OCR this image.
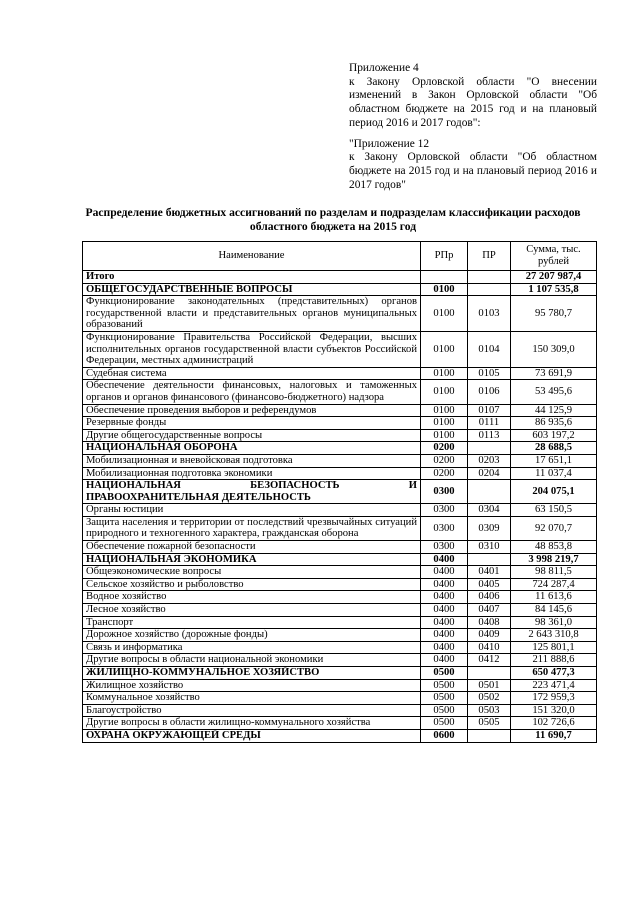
Приложение 4
к Закону Орловской области "О внесении изменений в Закон Орловской области "Об областном бюджете на 2015 год и на плановый период 2016 и 2017 годов":

"Приложение 12
к Закону Орловской области "Об областном бюджете на 2015 год и на плановый период 2016 и 2017 годов"

Распределение бюджетных ассигнований по разделам и подразделам классификации расходов областного бюджета на 2015 год
Наименование	РПр	ПР	Сумма, тыс. рублей
Итого			27 207 987,4
ОБЩЕГОСУДАРСТВЕННЫЕ ВОПРОСЫ	0100		1 107 535,8
Функционирование законодательных (представительных) органов государственной власти и представительных органов муниципальных образований	0100	0103	95 780,7
Функционирование Правительства Российской Федерации, высших исполнительных органов государственной власти субъектов Российской Федерации, местных администраций	0100	0104	150 309,0
Судебная система	0100	0105	73 691,9
Обеспечение деятельности финансовых, налоговых и таможенных органов и органов финансового (финансово-бюджетного) надзора	0100	0106	53 495,6
Обеспечение проведения выборов и референдумов	0100	0107	44 125,9
Резервные фонды	0100	0111	86 935,6
Другие общегосударственные вопросы	0100	0113	603 197,2
НАЦИОНАЛЬНАЯ ОБОРОНА	0200		28 688,5
Мобилизационная и вневойсковая подготовка	0200	0203	17 651,1
Мобилизационная подготовка экономики	0200	0204	11 037,4
НАЦИОНАЛЬНАЯ БЕЗОПАСНОСТЬ И ПРАВООХРАНИТЕЛЬНАЯ ДЕЯТЕЛЬНОСТЬ	0300		204 075,1
Органы юстиции	0300	0304	63 150,5
Защита населения и территории от последствий чрезвычайных ситуаций природного и техногенного характера, гражданская оборона	0300	0309	92 070,7
Обеспечение пожарной безопасности	0300	0310	48 853,8
НАЦИОНАЛЬНАЯ ЭКОНОМИКА	0400		3 998 219,7
Общеэкономические вопросы	0400	0401	98 811,5
Сельское хозяйство и рыболовство	0400	0405	724 287,4
Водное хозяйство	0400	0406	11 613,6
Лесное хозяйство	0400	0407	84 145,6
Транспорт	0400	0408	98 361,0
Дорожное хозяйство (дорожные фонды)	0400	0409	2 643 310,8
Связь и информатика	0400	0410	125 801,1
Другие вопросы в области национальной экономики	0400	0412	211 888,6
ЖИЛИЩНО-КОММУНАЛЬНОЕ ХОЗЯЙСТВО	0500		650 477,3
Жилищное хозяйство	0500	0501	223 471,4
Коммунальное хозяйство	0500	0502	172 959,3
Благоустройство	0500	0503	151 320,0
Другие вопросы в области жилищно-коммунального хозяйства	0500	0505	102 726,6
ОХРАНА ОКРУЖАЮЩЕЙ СРЕДЫ	0600		11 690,7
